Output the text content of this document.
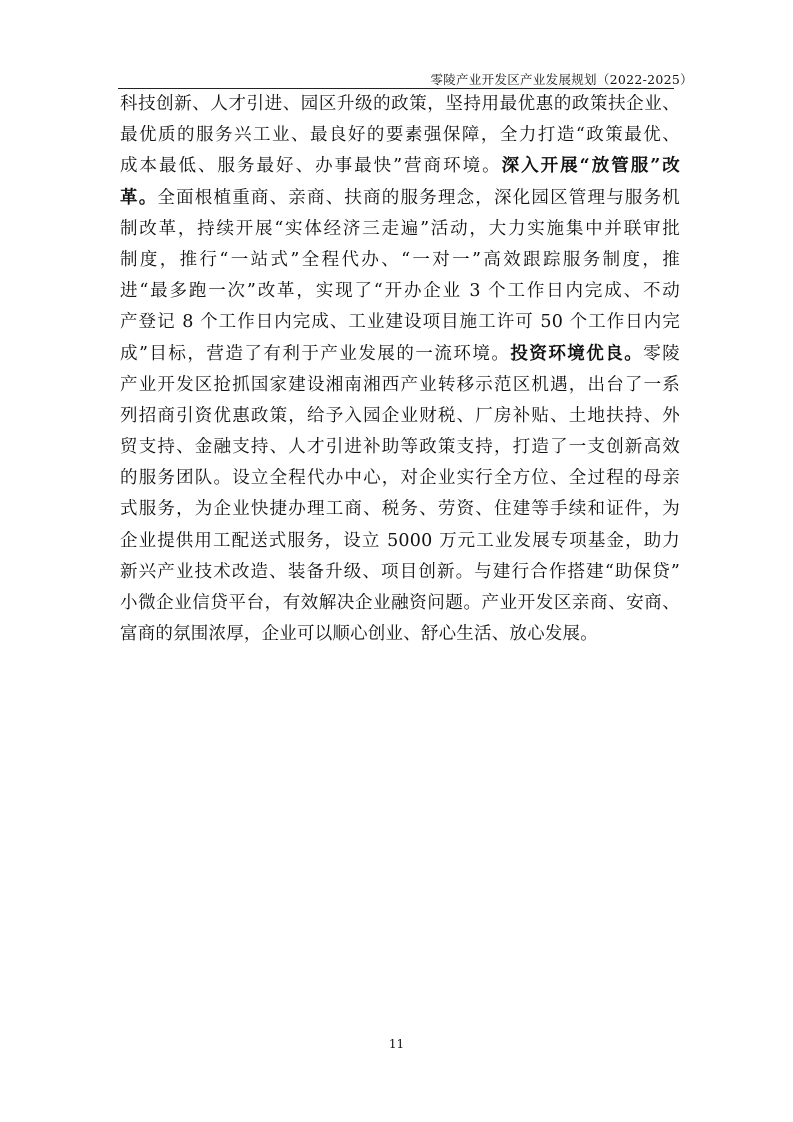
零陵产业开发区产业发展规划（2022-2025）
科技创新、人才引进、园区升级的政策，坚持用最优惠的政策扶企业、
最优质的服务兴工业、最良好的要素强保障，全力打造“政策最优、
成本最低、服务最好、办事最快”营商环境。深入开展“放管服”改
革。全面根植重商、亲商、扶商的服务理念，深化园区管理与服务机
制改革，持续开展“实体经济三走遍”活动，大力实施集中并联审批
制度，推行“一站式”全程代办、“一对一”高效跟踪服务制度，推
进“最多跑一次”改革，实现了“开办企业 3 个工作日内完成、不动
产登记 8 个工作日内完成、工业建设项目施工许可 50 个工作日内完
成”目标，营造了有利于产业发展的一流环境。投资环境优良。零陵
产业开发区抢抓国家建设湘南湘西产业转移示范区机遇，出台了一系
列招商引资优惠政策，给予入园企业财税、厂房补贴、土地扶持、外
贸支持、金融支持、人才引进补助等政策支持，打造了一支创新高效
的服务团队。设立全程代办中心，对企业实行全方位、全过程的母亲
式服务，为企业快捷办理工商、税务、劳资、住建等手续和证件，为
企业提供用工配送式服务，设立 5000 万元工业发展专项基金，助力
新兴产业技术改造、装备升级、项目创新。与建行合作搭建“助保贷”
小微企业信贷平台，有效解决企业融资问题。产业开发区亲商、安商、
富商的氛围浓厚，企业可以顺心创业、舒心生活、放心发展。
11
